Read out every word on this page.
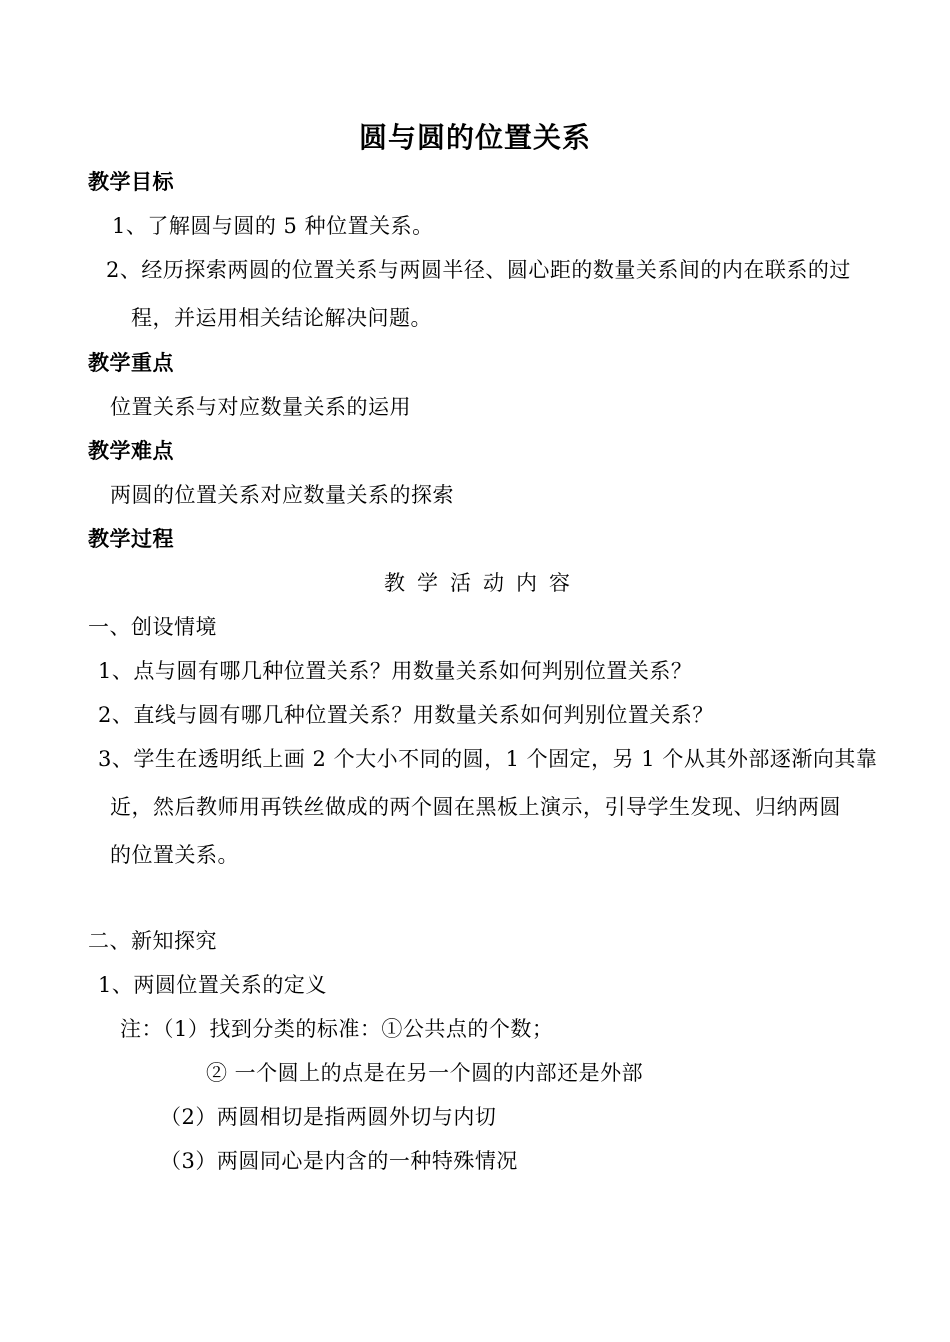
圆与圆的位置关系
教学目标
1、了解圆与圆的 5 种位置关系。
2、经历探索两圆的位置关系与两圆半径、圆心距的数量关系间的内在联系的过
程，并运用相关结论解决问题。
教学重点
位置关系与对应数量关系的运用
教学难点
两圆的位置关系对应数量关系的探索
教学过程
教学活动内容
一、创设情境
1、点与圆有哪几种位置关系？用数量关系如何判别位置关系？
2、直线与圆有哪几种位置关系？用数量关系如何判别位置关系？
3、学生在透明纸上画 2 个大小不同的圆，1 个固定，另 1 个从其外部逐渐向其靠
近，然后教师用再铁丝做成的两个圆在黑板上演示，引导学生发现、归纳两圆
的位置关系。
二、新知探究
1、两圆位置关系的定义
注：（1）找到分类的标准：①公共点的个数；
② 一个圆上的点是在另一个圆的内部还是外部
（2）两圆相切是指两圆外切与内切
（3）两圆同心是内含的一种特殊情况
